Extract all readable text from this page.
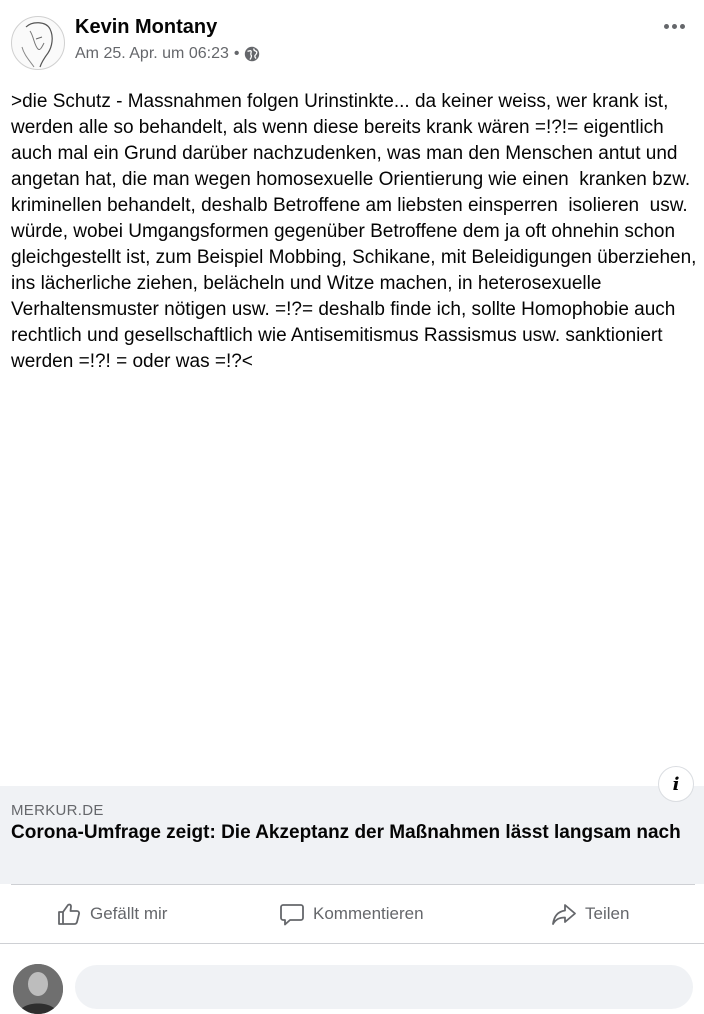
Kevin Montany
Am 25. Apr. um 06:23 •
>die Schutz - Massnahmen folgen Urinstinkte... da keiner weiss, wer krank ist, werden alle so behandelt, als wenn diese bereits krank wären =!?!= eigentlich auch mal ein Grund darüber nachzudenken, was man den Menschen antut und angetan hat, die man wegen homosexuelle Orientierung wie einen  kranken bzw. kriminellen behandelt, deshalb Betroffene am liebsten einsperren  isolieren  usw. würde, wobei Umgangsformen gegenüber Betroffene dem ja oft ohnehin schon gleichgestellt ist, zum Beispiel Mobbing, Schikane, mit Beleidigungen überziehen, ins lächerliche ziehen, belächeln und Witze machen, in heterosexuelle Verhaltensmuster nötigen usw. =!?= deshalb finde ich, sollte Homophobie auch rechtlich und gesellschaftlich wie Antisemitismus Rassismus usw. sanktioniert werden =!?! = oder was =!?<
i
MERKUR.DE
Corona-Umfrage zeigt: Die Akzeptanz der Maßnahmen lässt langsam nach
Gefällt mir	Kommentieren	Teilen
